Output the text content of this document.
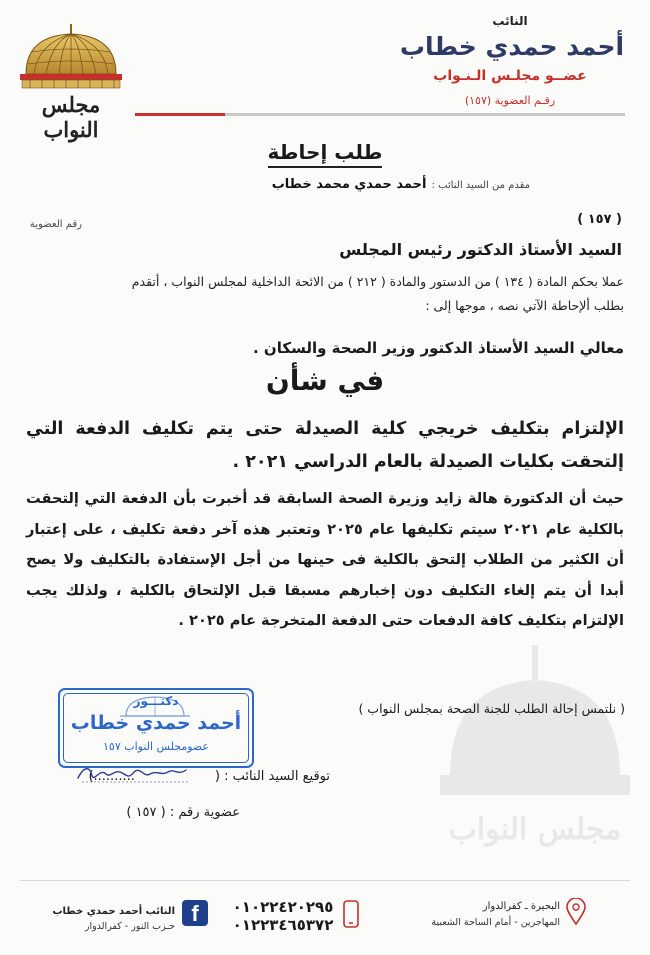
مجلس النواب
النائب
أحمد حمدي خطاب
عضــو مجلـس الـنـواب
رقـم العضوية (١٥٧)
مجلس النواب
طلب إحاطة
مقدم من السيد النائب : أحمد حمدي محمد خطاب
( ١٥٧ )
رقم العضوية
السيد الأستاذ الدكتور رئيس المجلس
عملا بحكم المادة ( ١٣٤ ) من الدستور والمادة ( ٢١٢ ) من الائحة الداخلية لمجلس النواب ، أتقدم
بطلب ألإحاطة الآتي نصه ، موجها إلى :
معالي السيد الأستاذ الدكتور وزير الصحة والسكان .
في شأن
الإلتزام بتكليف خريجي كلية الصيدلة حتى يتم تكليف الدفعة التي إلتحقت بكليات الصيدلة بالعام الدراسي ٢٠٢١ .
حيث أن الدكتورة هالة زايد وزيرة الصحة السابقة قد أخبرت بأن الدفعة التي إلتحقت بالكلية عام ٢٠٢١ سيتم تكليفها عام ٢٠٢٥ وتعتبر هذه آخر دفعة تكليف ، على إعتبار أن الكثير من الطلاب إلتحق بالكلية فى حينها من أجل الإستفادة بالتكليف ولا يصح أبدا أن يتم إلغاء التكليف دون إخبارهم مسبقا قبل الإلتحاق بالكلية ، ولذلك يجب الإلتزام بتكليف كافة الدفعات حتى الدفعة المتخرجة عام ٢٠٢٥ .
( نلتمس إحالة الطلب للجنة الصحة بمجلس النواب )
دكتـــور
أحمد حمدي خطاب
عضومجلس النواب ١٥٧
توقيع السيد النائب : (..........)
عضوية رقم : ( ١٥٧ )
f
النائب أحمد حمدي خطاب
حـزب النور - كفرالدوار
٠١٠٢٢٤٢٠٢٩٥
٠١٢٢٣٤٦٥٣٧٢
البحيرة ـ كفرالدوار
المهاجرين - أمام الساحة الشعبية
